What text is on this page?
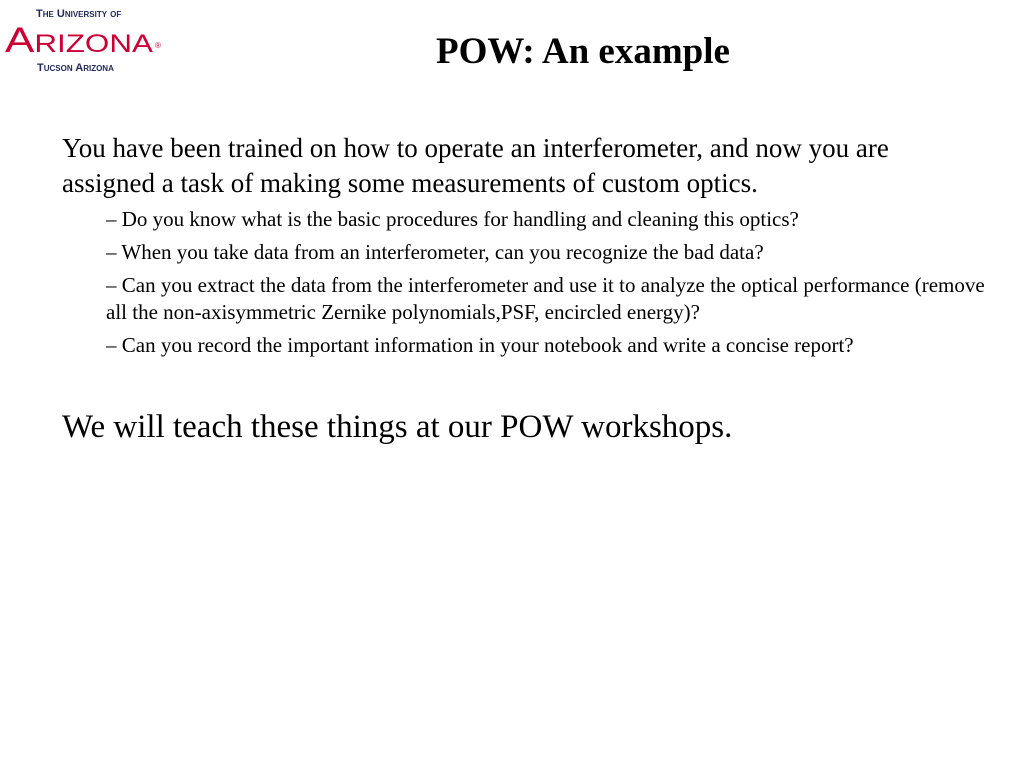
The University of
Arizona ®
Tucson Arizona	POW: An example

You have been trained on how to operate an interferometer, and now you are assigned a task of making some measurements of custom optics.

– Do you know what is the basic procedures for handling and cleaning this optics?
– When you take data from an interferometer, can you recognize the bad data?
– Can you extract the data from the interferometer and use it to analyze the optical performance (remove all the non-axisymmetric Zernike polynomials,PSF, encircled energy)?
– Can you record the important information in your notebook and write a concise report?

We will teach these things at our POW workshops.
